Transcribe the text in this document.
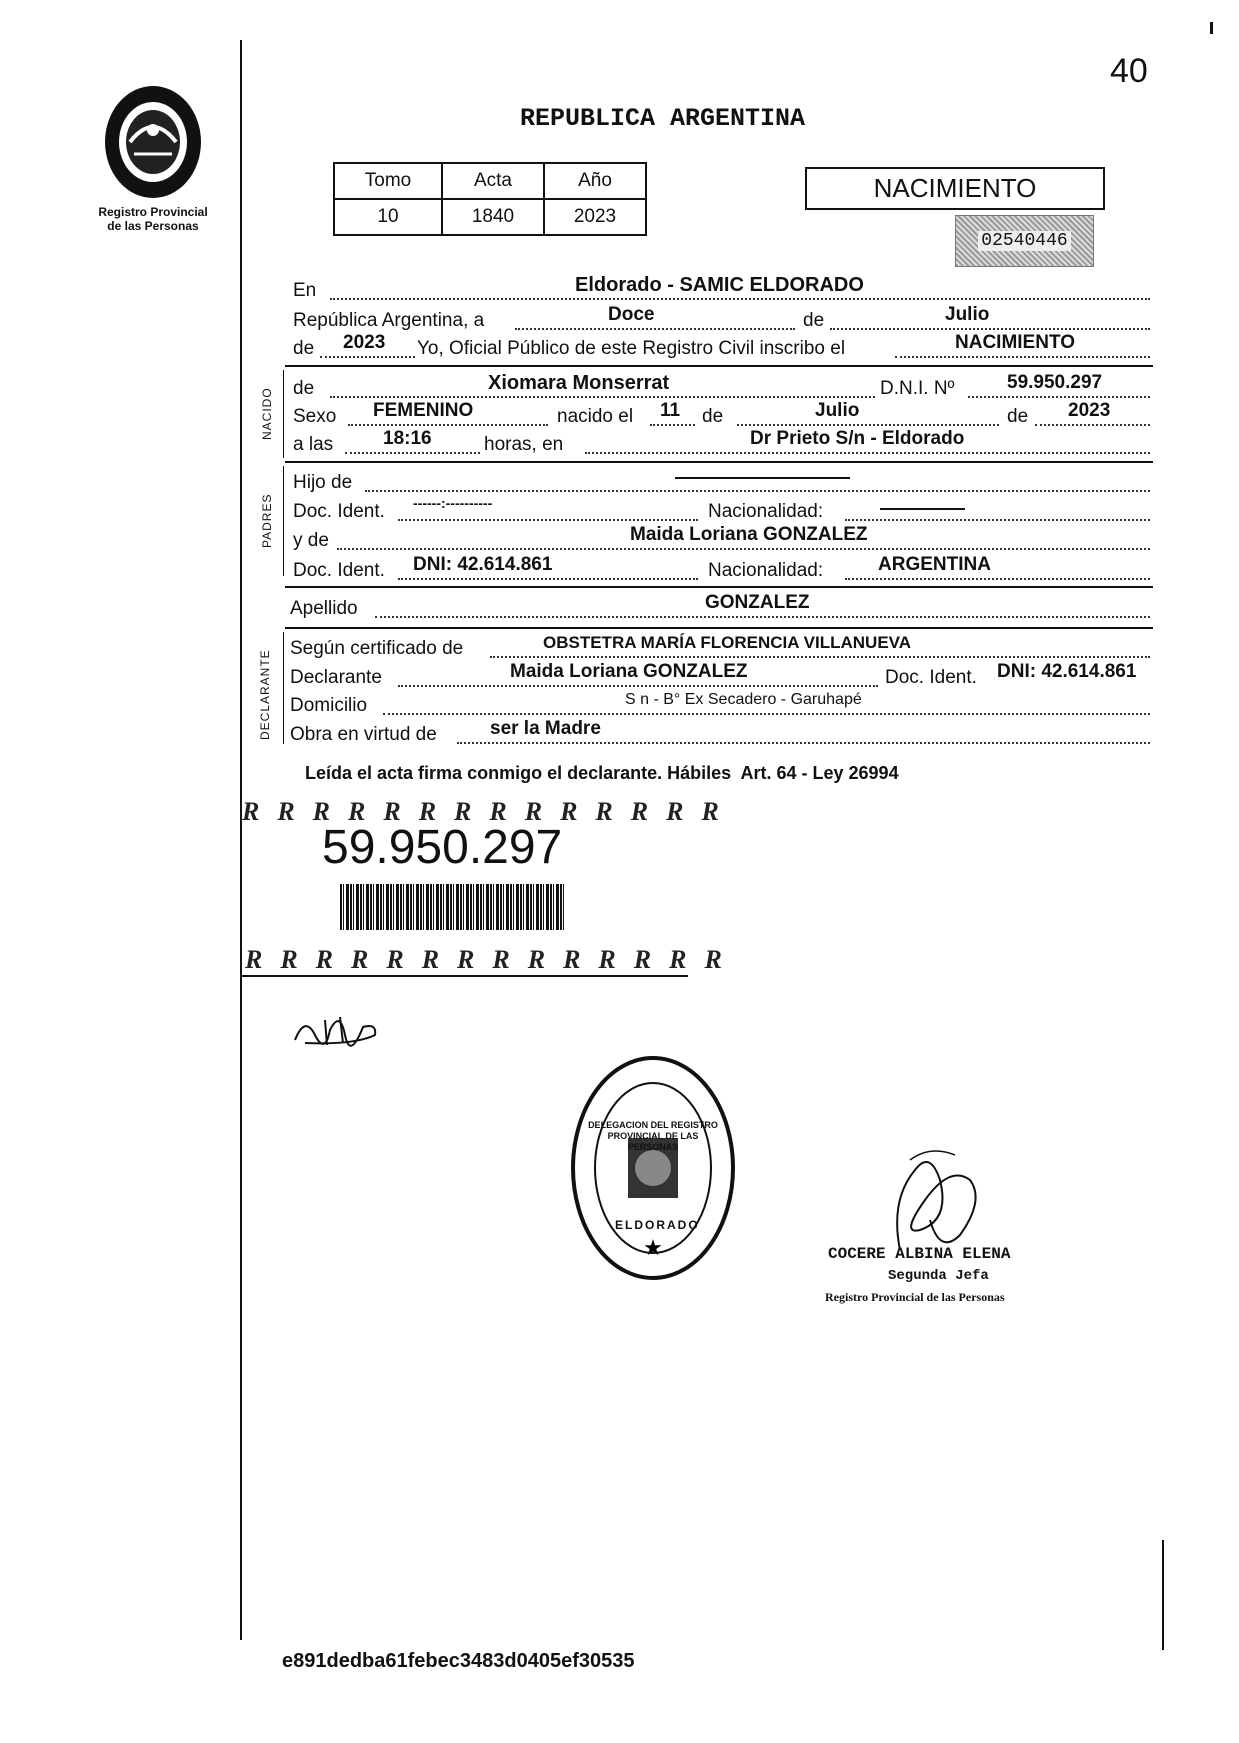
40
Registro Provincial de las Personas
REPUBLICA ARGENTINA
Tomo	Acta	Año
10	1840	2023
NACIMIENTO
02540446
En	Eldorado - SAMIC ELDORADO
República Argentina, a	Doce	de	Julio
de 2023 Yo, Oficial Público de este Registro Civil inscribo el	NACIMIENTO
NACIDO de	Xiomara Monserrat	D.N.I. Nº	59.950.297
Sexo FEMENINO	nacido el 11 de	Julio	de 2023
a las	18:16	horas, en	Dr Prieto S/n - Eldorado
PADRES
Hijo de
Doc. Ident. ------:----------	Nacionalidad:
y de	Maida Loriana GONZALEZ
Doc. Ident. DNI: 42.614.861	Nacionalidad:	ARGENTINA
Apellido	GONZALEZ
DECLARANTE
Según certificado de	OBSTETRA MARÍA FLORENCIA VILLANUEVA
Declarante	Maida Loriana GONZALEZ	Doc. Ident. DNI: 42.614.861
Domicilio	S n - B° Ex Secadero - Garuhapé
Obra en virtud de	ser la Madre
Leída el acta firma conmigo el declarante. Hábiles  Art. 64 - Ley 26994
RRRRRRRRRRRRRR
59.950.297
RRRRRRRRRRRRRR
★
DELEGACION DEL REGISTRO PROVINCIAL DE LAS PERSONAS
ELDORADO
COCERE ALBINA ELENA
Segunda Jefa
Registro Provincial de las Personas
e891dedba61febec3483d0405ef30535
